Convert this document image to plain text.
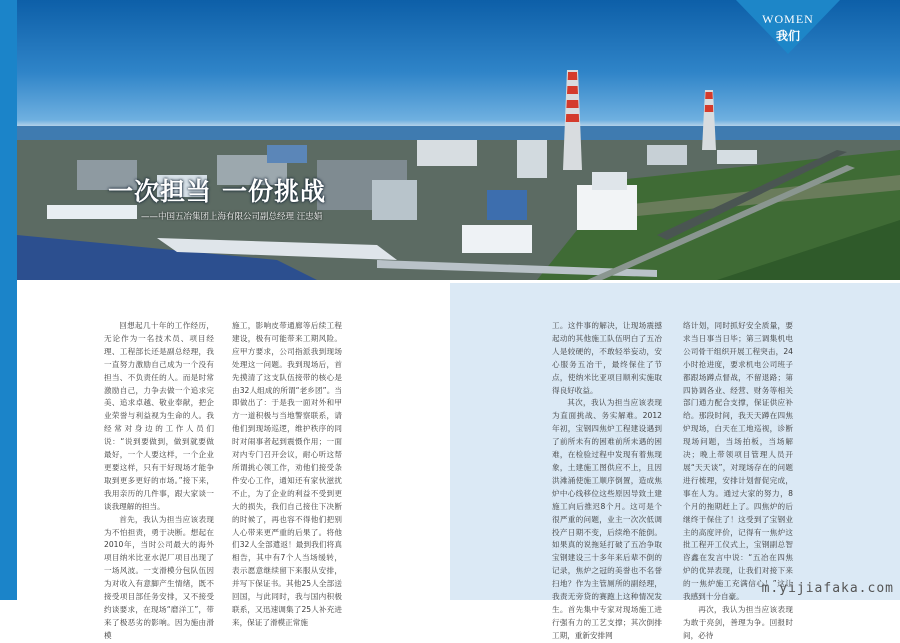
WOMEN
我们
一次担当 一份挑战
——中国五冶集团上海有限公司副总经理 汪忠娟

回想起几十年的工作经历，无论作为一名技术员、项目经理、工程部长还是副总经理，我一直努力激励自己成为一个没有担当、不负责任的人。而是时常激励自己，力争去做一个追求完美、追求卓越、敬业奉献，把企业荣誉与利益视为生命的人。我经常对身边的工作人员们说：“说到要做到，做到就要做最好，一个人要这样，一个企业更要这样，只有干好现场才能争取到更多更好的市场。”接下来，我用亲历的几件事，跟大家谈一谈我理解的担当。

首先，我认为担当应该表现为不怕担责，勇于决断。想起在2010年，当时公司最大的海外项目纳米比亚水泥厂项目出现了一场风波。一支滑模分包队伍因为对收入有意脚产生情绪，既不接受项目部任务安排，又不接受约谈要求，在现场“磨洋工”，带来了极恶劣的影响。因为施由滑模

施工，影响皮带通廊等后续工程建设，极有可能带来工期风险。应甲方要求，公司指派我到现场处理这一问题。我到现场后，首先摸清了这支队伍接带的核心是由32人组成的所谓“老乡团”。当即做出了：于是我一面对外和甲方一道积极与当地警察联系，请他们到现场巡逻，维护秩序的同时对闹事者起到震慑作用；一面对内专门召开会议，耐心听这帮所谓挑心领工作，劝他们接受条件安心工作，通知还有家伙滋扰不止，为了企业的利益不受到更大的损失，我们自己接住下决断的时候了，再也容不得他们把别人心带来更严重的后果了。将他们32人全部遣返！最到我们将真相告，其中有7个人当场缓转，表示愿意继续留下来服从安排，并写下保证书。其他25人全部送回国，与此同时，我与国内积极联系，又迅速调集了25人补充进来，保证了滑模正常施

工。这件事的解决，让现场震撼起动的其他施工队伍明白了五冶人是较硬的，不敢轻举妄动，安心服务五冶干，最终保住了节点，使纳米比亚项目顺利实施取得良好收益。

其次，我认为担当应该表现为直面挑战、务实解难。2012年初，宝钢四焦炉工程建设遇到了前所未有的困难前所未遇的困难，在检验过程中发现有着焦现象，土建施工图供应不上，且因洪滩涌使施工顺序倒置，造成焦炉中心线移位这些原因导致土建施工向后推迟8个月。这可是个很严重的问题，业主一次次低调投产日期不变，后续绝不能倒。如果真的说拖延打破了五冶争取宝钢建设三十多年来后辈不倒的记录，焦炉之冠的美誉也不名誉扫地？作为主管厕所的副经理，我责无旁贷的赛跑上这种情况发生。首先集中专家对现场施工进行强有力的工艺支撑；其次倒排工期，重新安排网

络计划，同时抓好安全质量，要求当日事当日毕；第三调集机电公司骨干组织开展工程突击，24小时抢进度，要求机电公司班子都跟场蹲点督战，不留退路；第四协调各业、经营、财务等相关部门通力配合支撑，保证供应补给。那段时间，我天天蹲在四焦炉现场，白天在工地巡视，诊断现场问题，当场拍板，当场解决；晚上带领项目管理人员开展“天天谈”，对现场存在的问题进行梳理，安排计划督促完成，事在人为。通过大家的努力，8个月的拖期赶上了。四焦炉的后继终于保住了！这受到了宝钢业主的高度评价，记得有一焦炉这批工程开工仪式上，宝钢副总智咨鑫在发言中说：“五冶在四焦炉的优异表现，让我们对接下来的一焦炉施工充满信心！”这让我感到十分自豪。

再次，我认为担当应该表现为敢于亮剑，善理为争。回报时间，必待

m.yijiafaka.com
